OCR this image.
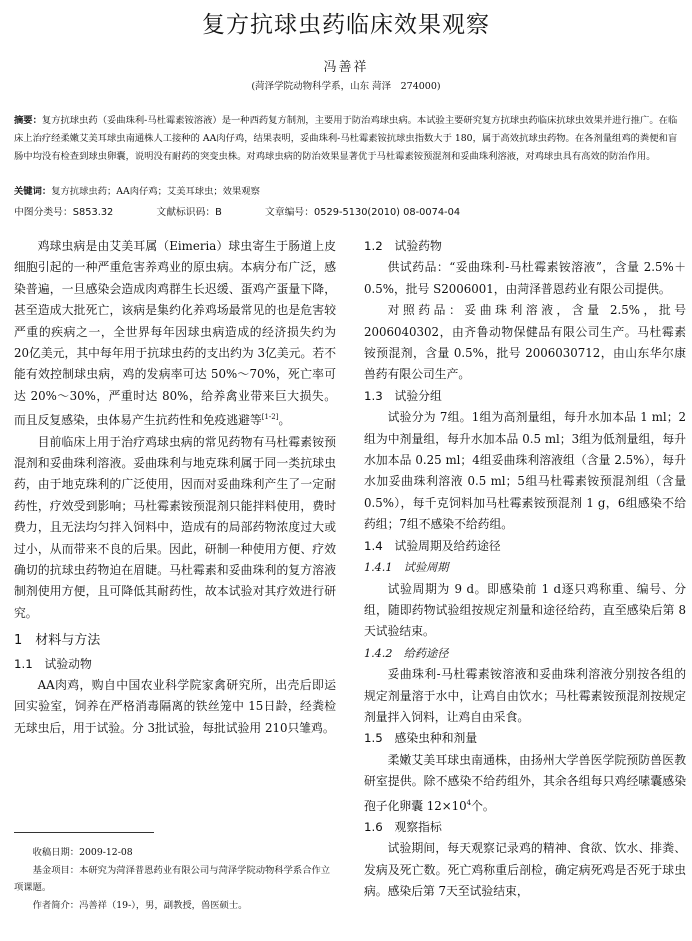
复方抗球虫药临床效果观察
冯善祥
(菏泽学院动物科学系，山东 菏泽　274000)
摘要：复方抗球虫药（妥曲珠利-马杜霉素铵溶液）是一种西药复方制剂，主要用于防治鸡球虫病。本试验主要研究复方抗球虫药临床抗球虫效果并进行推广。在临床上治疗经柔嫩艾美耳球虫南通株人工接种的 AA肉仔鸡，结果表明，妥曲珠利-马杜霉素铵抗球虫指数大于 180，属于高效抗球虫药物。在各剂量组鸡的粪便和盲肠中均没有检查到球虫卵囊，说明没有耐药的突变虫株。对鸡球虫病的防治效果显著优于马杜霉素铵预混剂和妥曲珠利溶液，对鸡球虫具有高效的防治作用。
关键词：复方抗球虫药；AA肉仔鸡；艾美耳球虫；效果观察
中图分类号：S853.32	文献标识码：B	文章编号：0529-5130(2010) 08-0074-04

鸡球虫病是由艾美耳属（Eimeria）球虫寄生于肠道上皮细胞引起的一种严重危害养鸡业的原虫病。本病分布广泛，感染普遍，一旦感染会造成肉鸡群生长迟缓、蛋鸡产蛋量下降，甚至造成大批死亡，该病是集约化养鸡场最常见的也是危害较严重的疾病之一，全世界每年因球虫病造成的经济损失约为 20亿美元，其中每年用于抗球虫药的支出约为 3亿美元。若不能有效控制球虫病，鸡的发病率可达 50%～70%，死亡率可达 20%～30%，严重时达 80%，给养禽业带来巨大损失。而且反复感染，虫体易产生抗药性和免疫逃避等[1-2]。

目前临床上用于治疗鸡球虫病的常见药物有马杜霉素铵预混剂和妥曲珠利溶液。妥曲珠利与地克珠利属于同一类抗球虫药，由于地克珠利的广泛使用，因而对妥曲珠利产生了一定耐药性，疗效受到影响；马杜霉素铵预混剂只能拌料使用，费时费力，且无法均匀拌入饲料中，造成有的局部药物浓度过大或过小，从而带来不良的后果。因此，研制一种使用方便、疗效确切的抗球虫药物迫在眉睫。马杜霉素和妥曲珠利的复方溶液制剂使用方便，且可降低其耐药性，故本试验对其疗效进行研究。

1　材料与方法
1.1　试验动物

AA肉鸡，购自中国农业科学院家禽研究所，出壳后即运回实验室，饲养在严格消毒隔离的铁丝笼中 15日龄，经粪检无球虫后，用于试验。分 3批试验，每批试验用 210只雏鸡。

收稿日期：2009-12-08
基金项目：本研究为菏泽普恩药业有限公司与菏泽学院动物科学系合作立项课题。
作者简介：冯善祥（19-），男，副教授，兽医硕士。
1.2　试验药物

供试药品：“妥曲珠利-马杜霉素铵溶液”，含量 2.5%＋0.5%，批号 S2006001，由菏泽普恩药业有限公司提供。

对照药品：妥曲珠利溶液，含量 2.5%，批号 2006040302，由齐鲁动物保健品有限公司生产。马杜霉素铵预混剂，含量 0.5%，批号 2006030712，由山东华尔康兽药有限公司生产。

1.3　试验分组

试验分为 7组。1组为高剂量组，每升水加本品 1 ml；2组为中剂量组，每升水加本品 0.5 ml；3组为低剂量组，每升水加本品 0.25 ml；4组妥曲珠利溶液组（含量 2.5%），每升水加妥曲珠利溶液 0.5 ml；5组马杜霉素铵预混剂组（含量 0.5%），每千克饲料加马杜霉素铵预混剂 1 g，6组感染不给药组；7组不感染不给药组。

1.4　试验周期及给药途径
1.4.1　试验周期

试验周期为 9 d。即感染前 1 d逐只鸡称重、编号、分组，随即药物试验组按规定剂量和途径给药，直至感染后第 8天试验结束。

1.4.2　给药途径

妥曲珠利-马杜霉素铵溶液和妥曲珠利溶液分别按各组的规定剂量溶于水中，让鸡自由饮水；马杜霉素铵预混剂按规定剂量拌入饲料，让鸡自由采食。

1.5　感染虫种和剂量

柔嫩艾美耳球虫南通株，由扬州大学兽医学院预防兽医教研室提供。除不感染不给药组外，其余各组每只鸡经嗉囊感染孢子化卵囊 $12\times 10^4$个。

1.6　观察指标

试验期间，每天观察记录鸡的精神、食欲、饮水、排粪、发病及死亡数。死亡鸡称重后剖检，确定病死鸡是否死于球虫病。感染后第 7天至试验结束，
